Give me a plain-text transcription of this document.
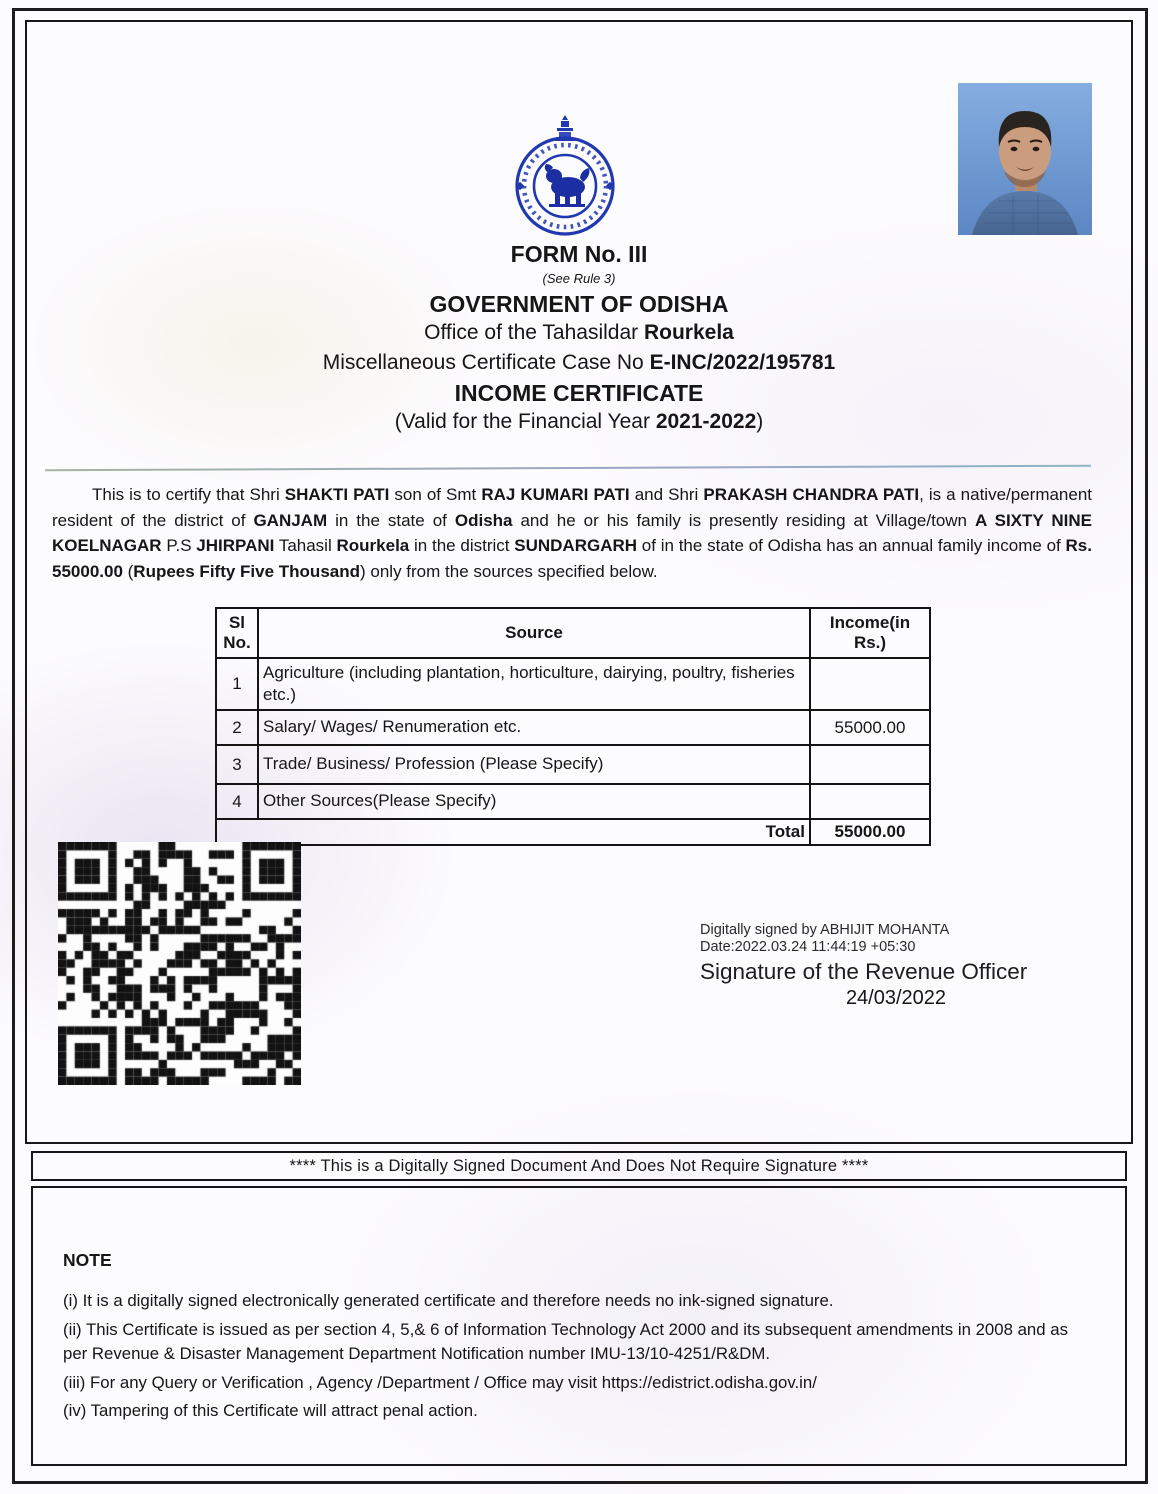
FORM No. III
(See Rule 3)
GOVERNMENT OF ODISHA
Office of the Tahasildar Rourkela
Miscellaneous Certificate Case No E-INC/2022/195781
INCOME CERTIFICATE
(Valid for the Financial Year 2021-2022)

This is to certify that Shri SHAKTI PATI son of Smt RAJ KUMARI PATI and Shri PRAKASH CHANDRA PATI, is a native/permanent resident of the district of GANJAM in the state of Odisha and he or his family is presently residing at Village/town A SIXTY NINE KOELNAGAR P.S JHIRPANI Tahasil Rourkela in the district SUNDARGARH of in the state of Odisha has an annual family income of Rs. 55000.00 (Rupees Fifty Five Thousand) only from the sources specified below.

Sl No.	Source	Income(in Rs.)
1	Agriculture (including plantation, horticulture, dairying, poultry, fisheries etc.)	
2	Salary/ Wages/ Renumeration etc.	55000.00
3	Trade/ Business/ Profession (Please Specify)	
4	Other Sources(Please Specify)	
Total		55000.00

Digitally signed by ABHIJIT MOHANTA

Date:2022.03.24 11:44:19 +05:30

Signature of the Revenue Officer

24/03/2022

**** This is a Digitally Signed Document And Does Not Require Signature ****
NOTE

(i) It is a digitally signed electronically generated certificate and therefore needs no ink-signed signature.

(ii) This Certificate is issued as per section 4, 5,& 6 of Information Technology Act 2000 and its subsequent amendments in 2008 and as per Revenue & Disaster Management Department Notification number IMU-13/10-4251/R&DM.

(iii) For any Query or Verification , Agency /Department / Office may visit https://edistrict.odisha.gov.in/

(iv) Tampering of this Certificate will attract penal action.
